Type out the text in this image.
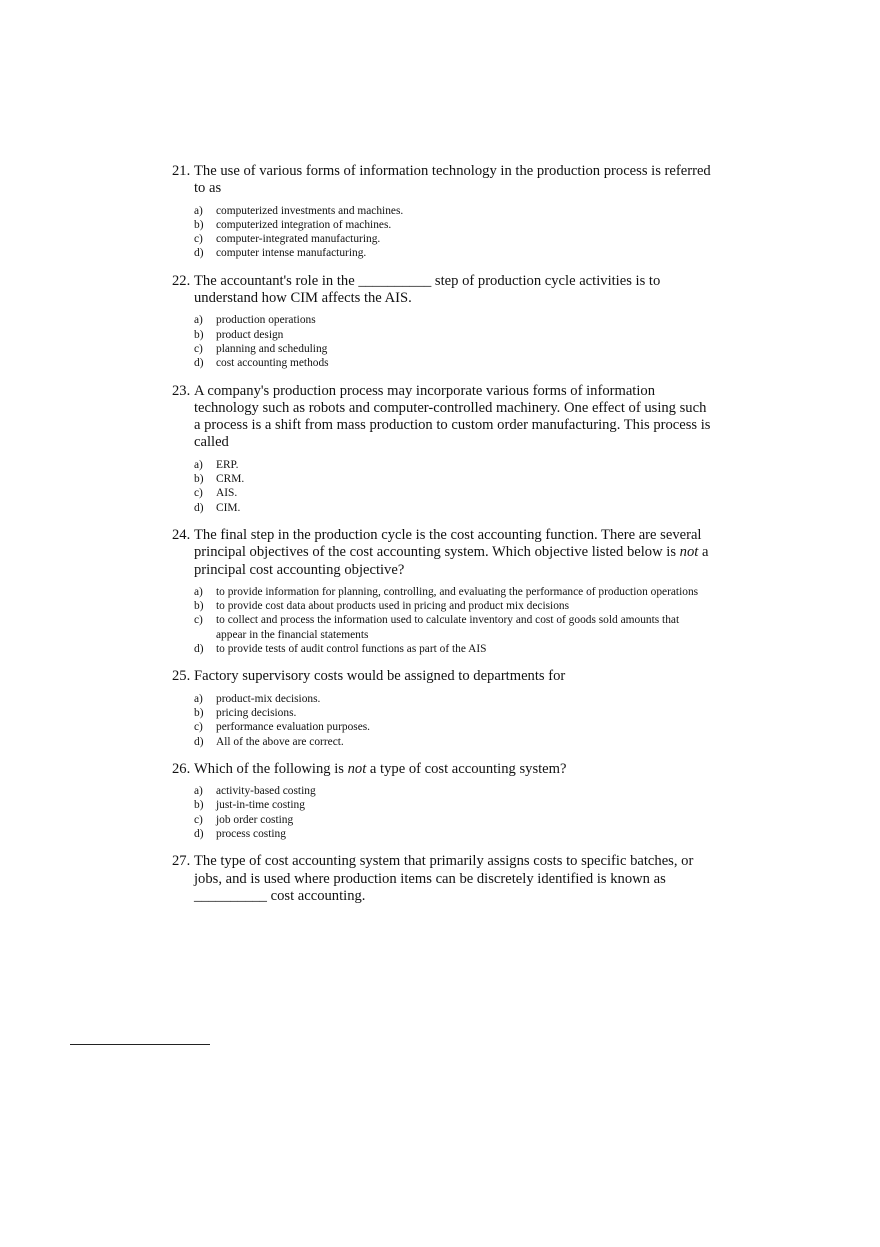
21. The use of various forms of information technology in the production process is referred to as
a)	computerized investments and machines.
b)	computerized integration of machines.
c)	computer-integrated manufacturing.
d)	computer intense manufacturing.
22. The accountant's role in the __________ step of production cycle activities is to understand how CIM affects the AIS.
a)	production operations
b)	product design
c)	planning and scheduling
d)	cost accounting methods
23. A company's production process may incorporate various forms of information technology such as robots and computer-controlled machinery. One effect of using such a process is a shift from mass production to custom order manufacturing. This process is called
a)	ERP.
b)	CRM.
c)	AIS.
d)	CIM.
24. The final step in the production cycle is the cost accounting function. There are several principal objectives of the cost accounting system. Which objective listed below is not a principal cost accounting objective?
a)	to provide information for planning, controlling, and evaluating the performance of production operations
b)	to provide cost data about products used in pricing and product mix decisions
c)	to collect and process the information used to calculate inventory and cost of goods sold amounts that appear in the financial statements
d)	to provide tests of audit control functions as part of the AIS
25. Factory supervisory costs would be assigned to departments for
a)	product-mix decisions.
b)	pricing decisions.
c)	performance evaluation purposes.
d)	All of the above are correct.
26. Which of the following is not a type of cost accounting system?
a)	activity-based costing
b)	just-in-time costing
c)	job order costing
d)	process costing
27. The type of cost accounting system that primarily assigns costs to specific batches, or jobs, and is used where production items can be discretely identified is known as __________ cost accounting.
